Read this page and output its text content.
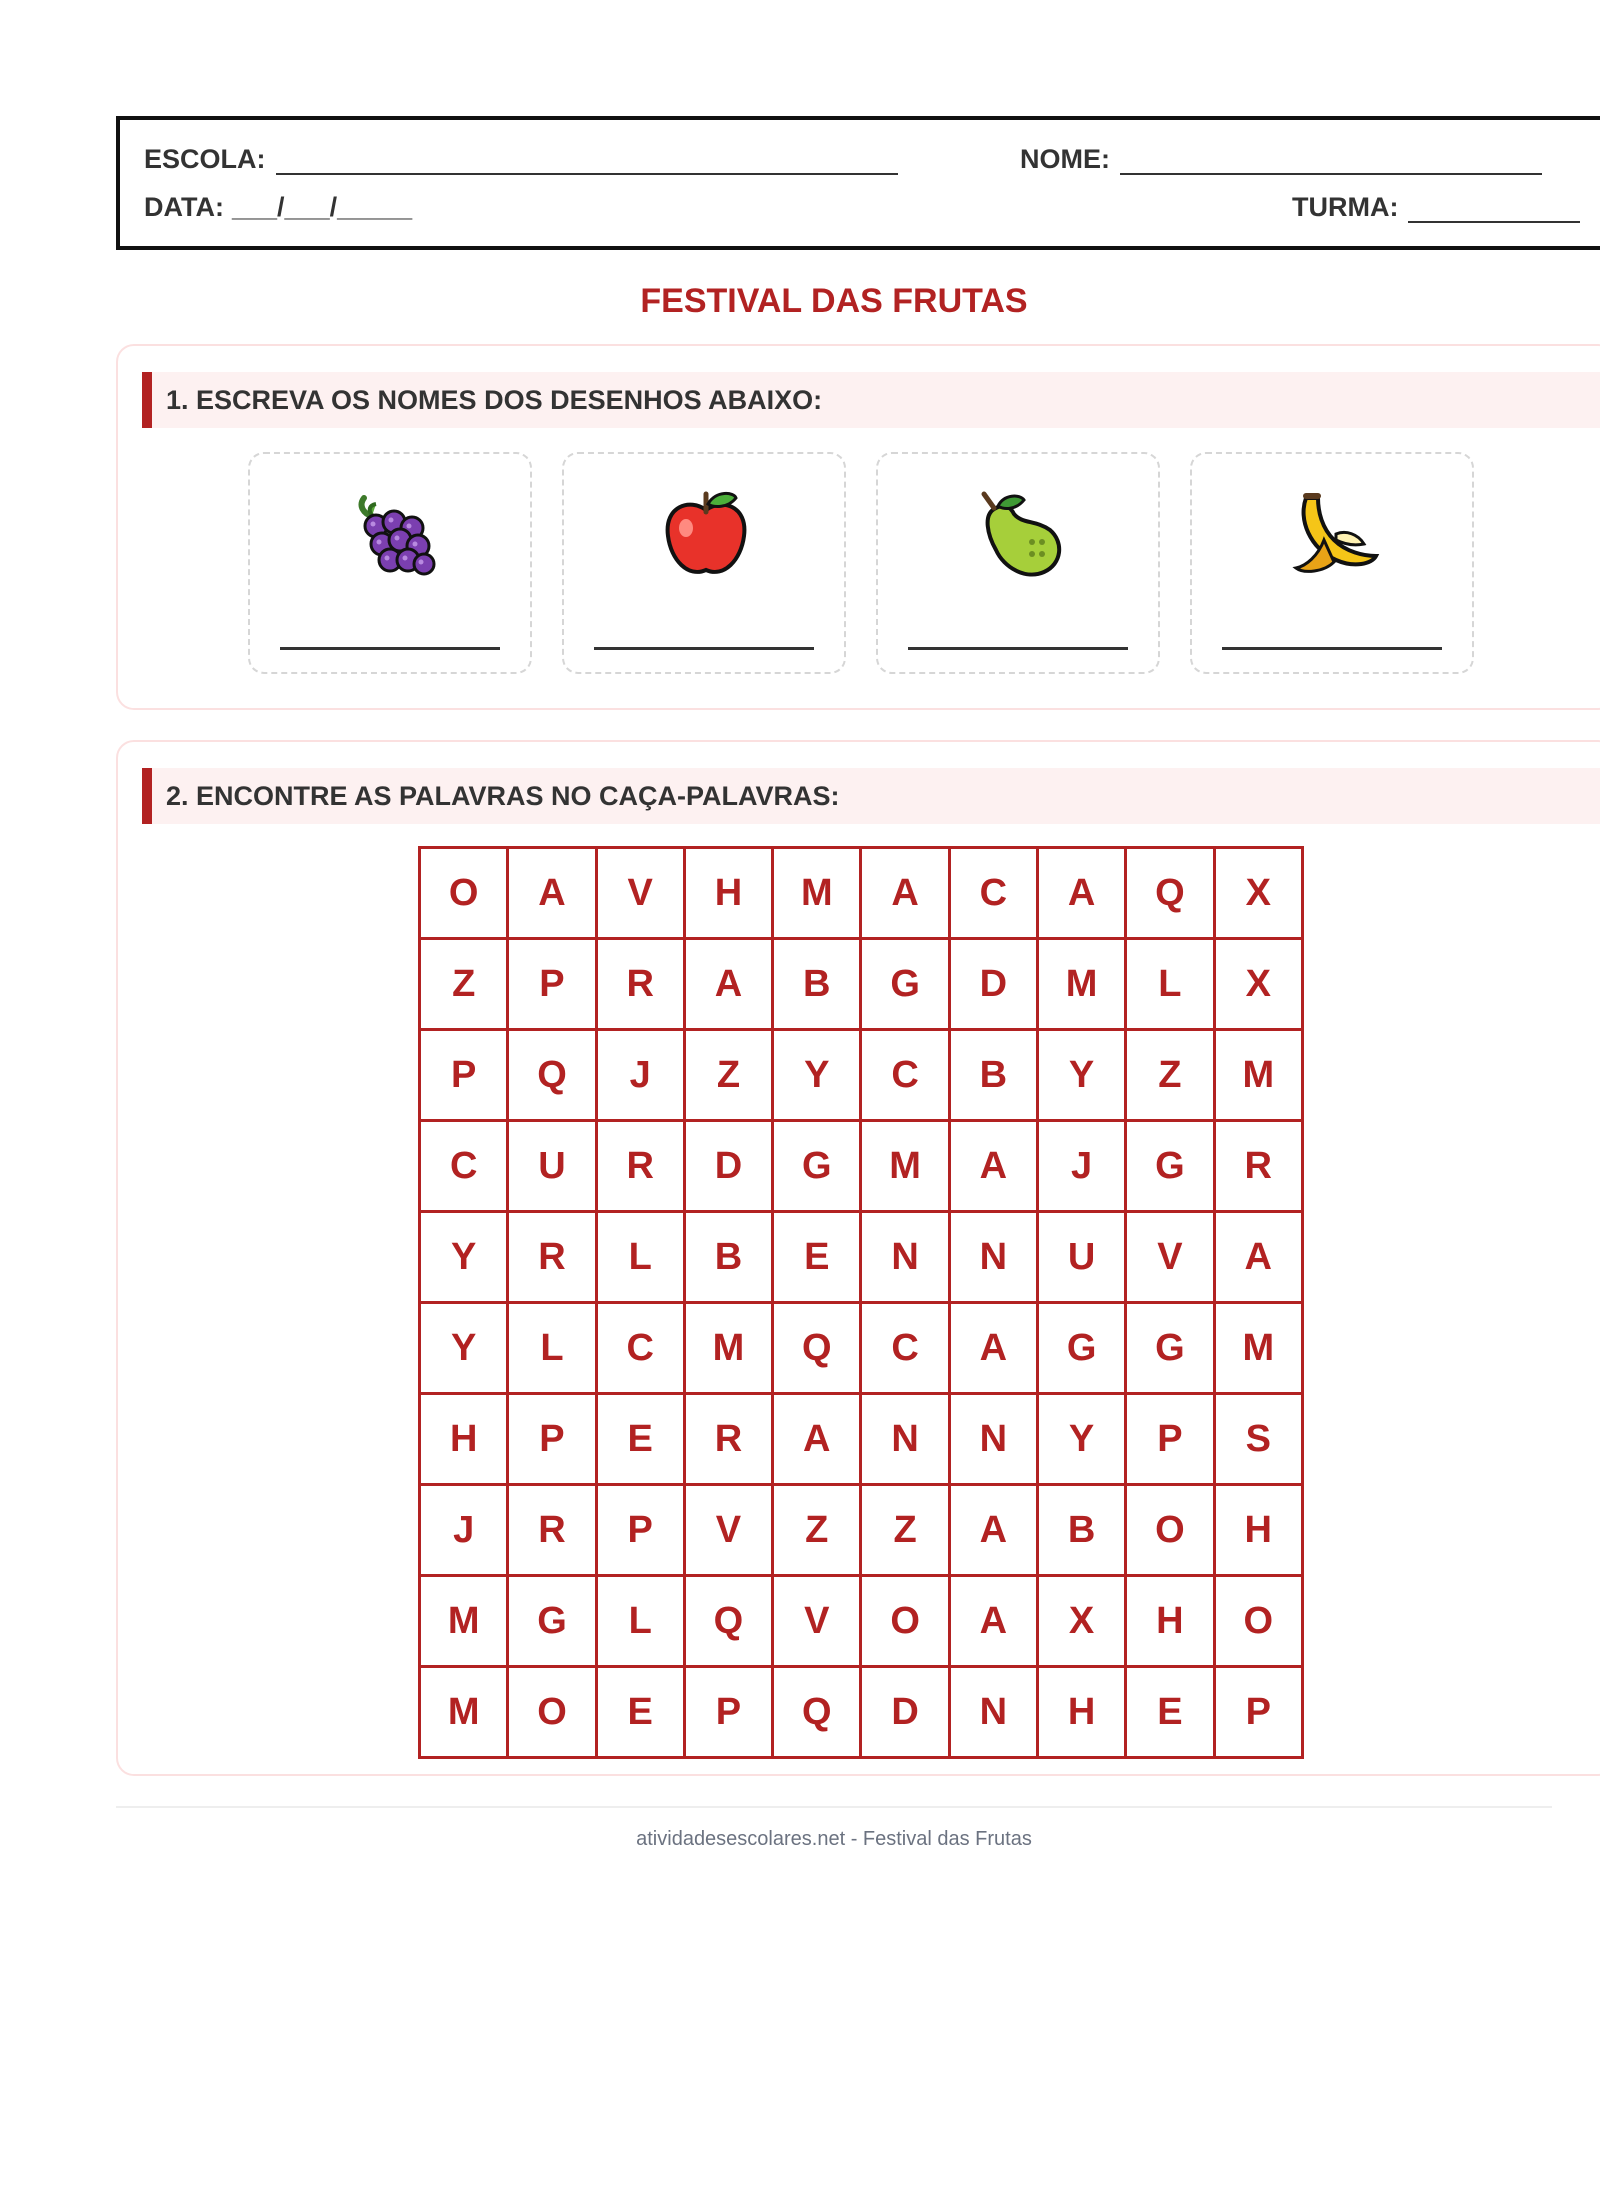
ESCOLA:	NOME:
DATA: ___/___/_____	TURMA:
FESTIVAL DAS FRUTAS
1. ESCREVA OS NOMES DOS DESENHOS ABAIXO:
2. ENCONTRE AS PALAVRAS NO CAÇA-PALAVRAS:
O	A	V	H	M	A	C	A	Q	X
Z	P	R	A	B	G	D	M	L	X
P	Q	J	Z	Y	C	B	Y	Z	M
C	U	R	D	G	M	A	J	G	R
Y	R	L	B	E	N	N	U	V	A
Y	L	C	M	Q	C	A	G	G	M
H	P	E	R	A	N	N	Y	P	S
J	R	P	V	Z	Z	A	B	O	H
M	G	L	Q	V	O	A	X	H	O
M	O	E	P	Q	D	N	H	E	P
atividadesescolares.net - Festival das Frutas
